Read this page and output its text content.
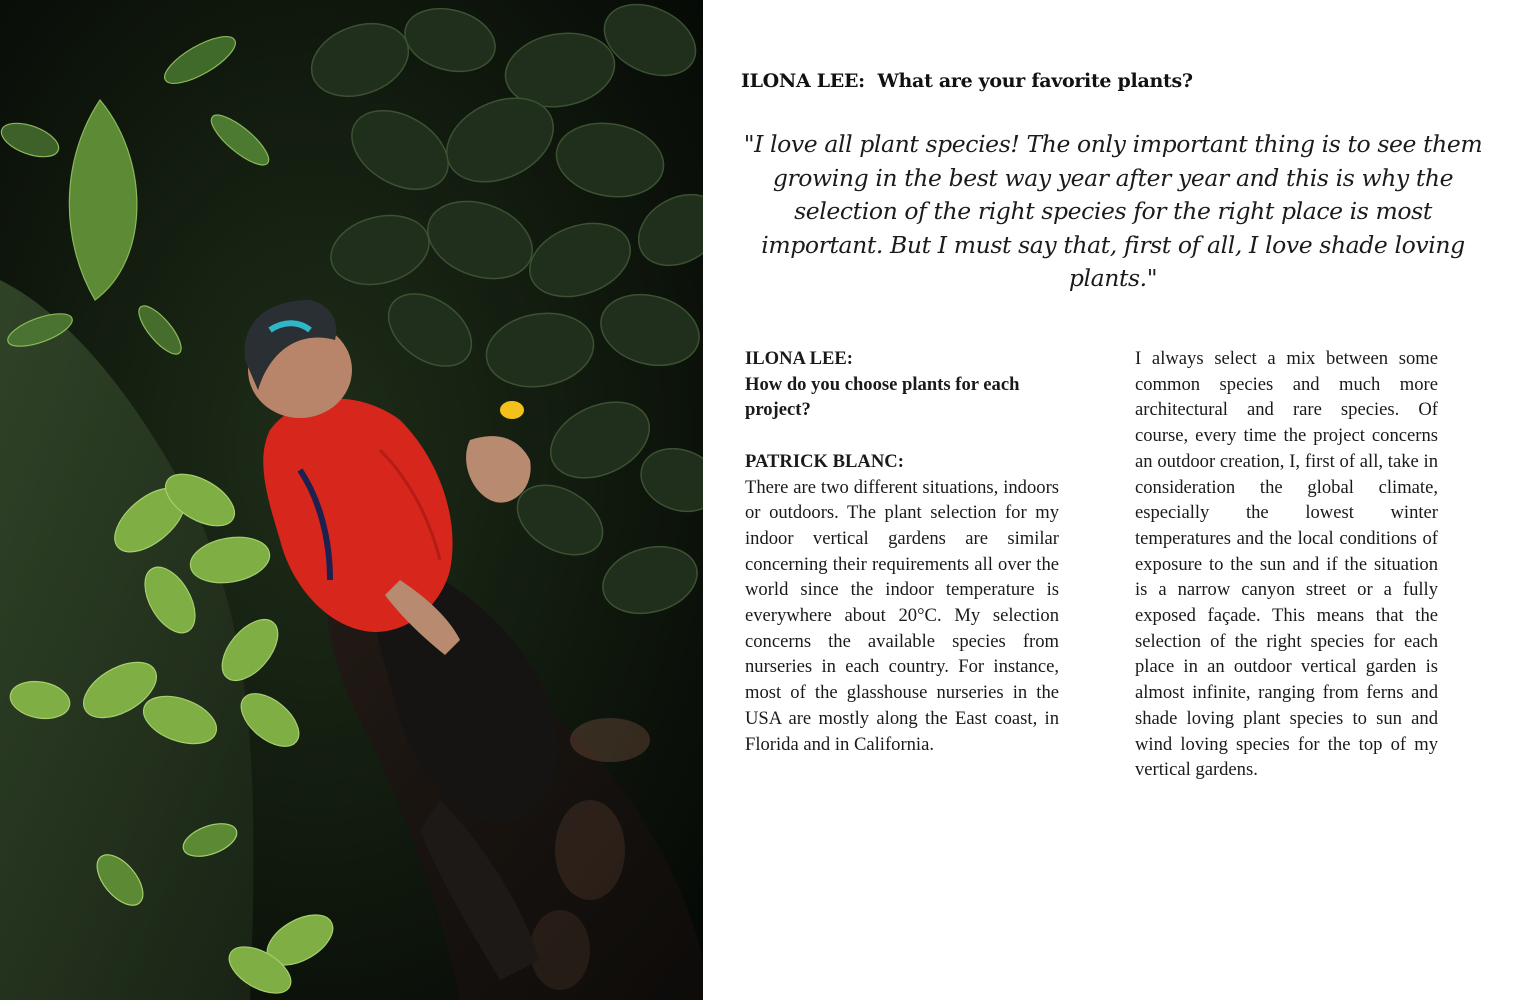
ILONA LEE: What are your favorite plants?

"I love all plant species! The only important thing is to see them growing in the best way year after year and this is why the selection of the right species for the right place is most important. But I must say that, first of all, I love shade loving plants."

ILONA LEE:
How do you choose plants for each project?
PATRICK BLANC:

There are two different situations, indoors or outdoors. The plant selection for my indoor vertical gardens are similar concerning their requirements all over the world since the indoor temperature is everywhere about 20°C. My selection concerns the available species from nurseries in each country. For instance, most of the glasshouse nurseries in the USA are mostly along the East coast, in Florida and in California.

I always select a mix between some common species and much more architectural and rare species. Of course, every time the project concerns an outdoor creation, I, first of all, take in consideration the global climate, especially the lowest winter temperatures and the local conditions of exposure to the sun and if the situation is a narrow canyon street or a fully exposed façade. This means that the selection of the right species for each place in an outdoor vertical garden is almost infinite, ranging from ferns and shade loving plant species to sun and wind loving species for the top of my vertical gardens.
